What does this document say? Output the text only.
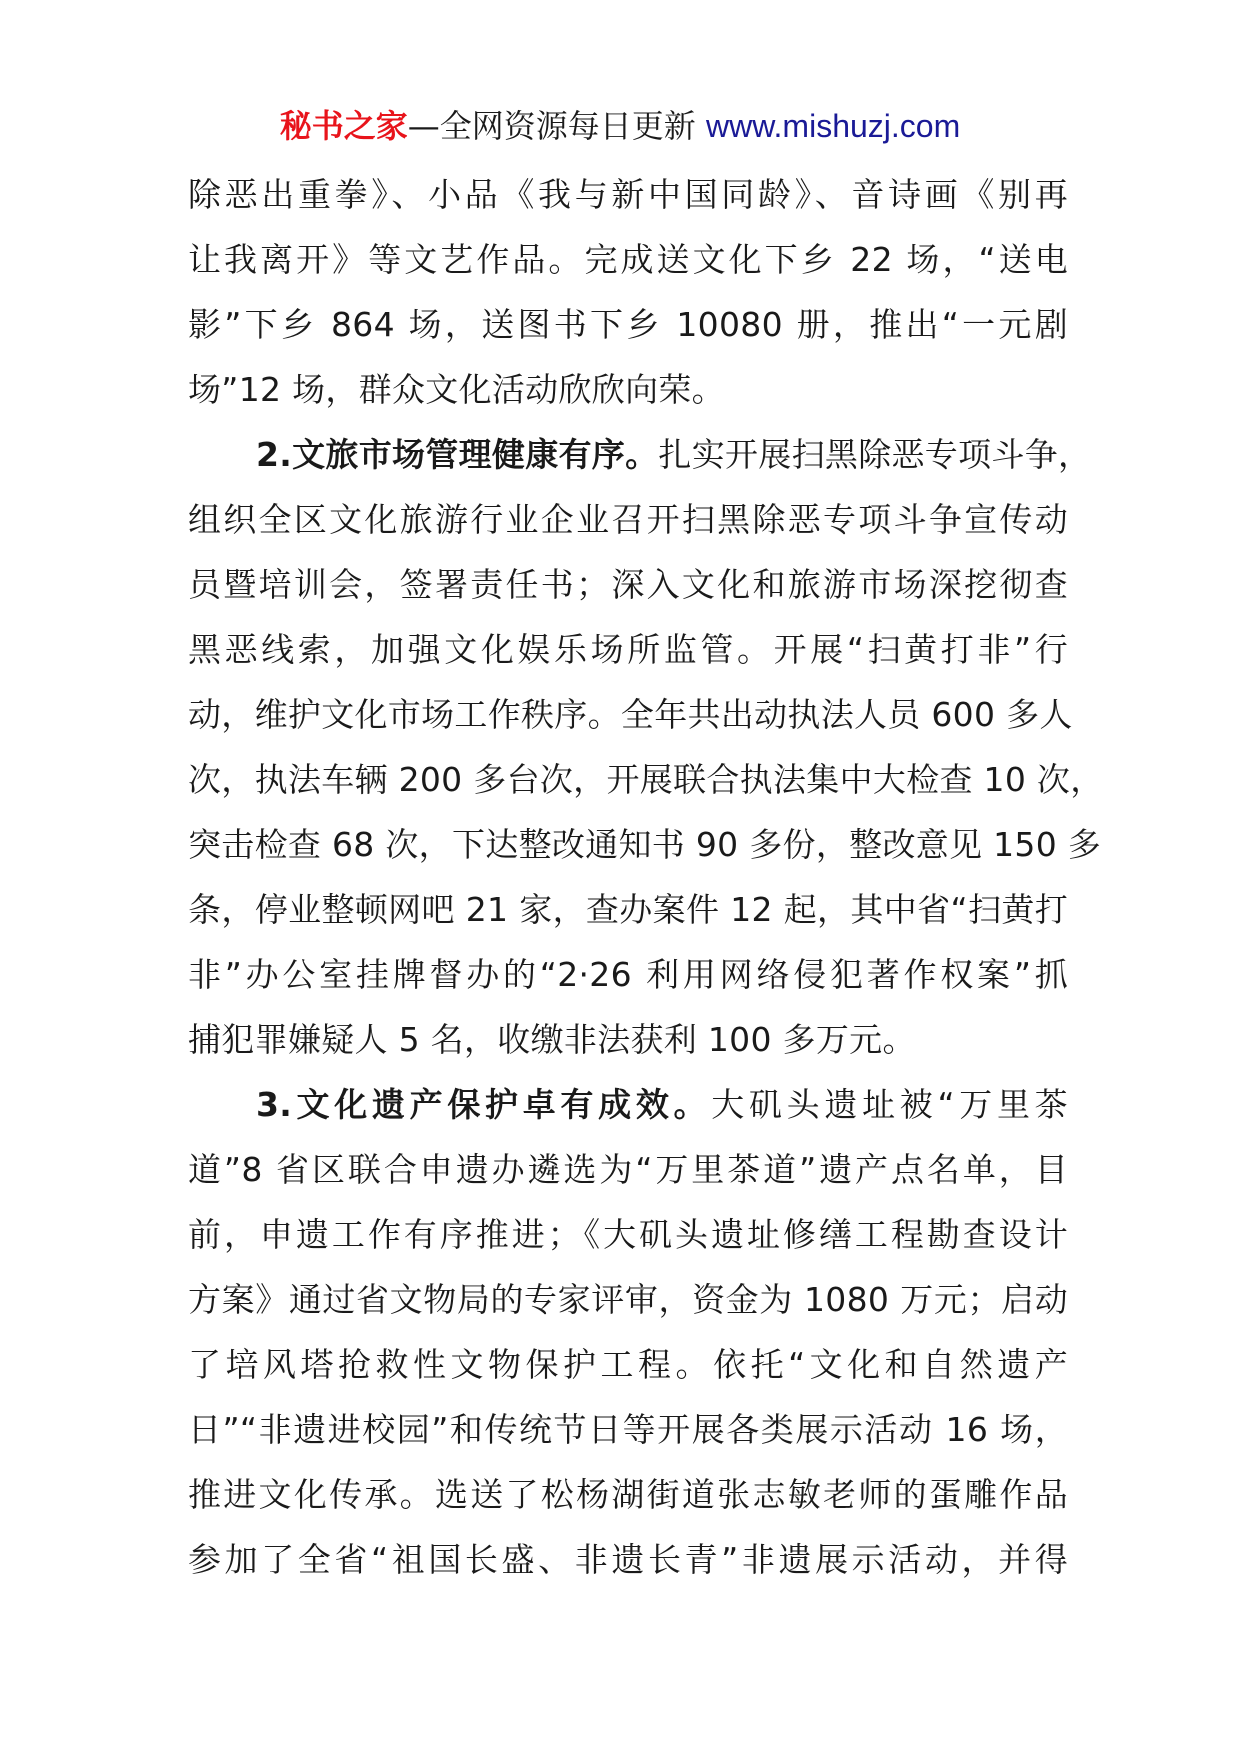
秘书之家—全网资源每日更新 www.mishuzj.com
除恶出重拳》、小品《我与新中国同龄》、音诗画《别再
让我离开》等文艺作品。完成送文化下乡 22 场，“送电
影”下乡 864 场，送图书下乡 10080 册，推出“一元剧
场”12 场，群众文化活动欣欣向荣。
2.文旅市场管理健康有序。扎实开展扫黑除恶专项斗争，
组织全区文化旅游行业企业召开扫黑除恶专项斗争宣传动
员暨培训会，签署责任书；深入文化和旅游市场深挖彻查
黑恶线索，加强文化娱乐场所监管。开展“扫黄打非”行
动，维护文化市场工作秩序。全年共出动执法人员 600 多人
次，执法车辆 200 多台次，开展联合执法集中大检查 10 次，
突击检查 68 次，下达整改通知书 90 多份，整改意见 150 多
条，停业整顿网吧 21 家，查办案件 12 起，其中省“扫黄打
非”办公室挂牌督办的“2·26 利用网络侵犯著作权案”抓
捕犯罪嫌疑人 5 名，收缴非法获利 100 多万元。
3.文化遗产保护卓有成效。大矶头遗址被“万里茶
道”8 省区联合申遗办遴选为“万里茶道”遗产点名单，目
前，申遗工作有序推进；《大矶头遗址修缮工程勘查设计
方案》通过省文物局的专家评审，资金为 1080 万元；启动
了培风塔抢救性文物保护工程。依托“文化和自然遗产
日”“非遗进校园”和传统节日等开展各类展示活动 16 场，
推进文化传承。选送了松杨湖街道张志敏老师的蛋雕作品
参加了全省“祖国长盛、非遗长青”非遗展示活动，并得
